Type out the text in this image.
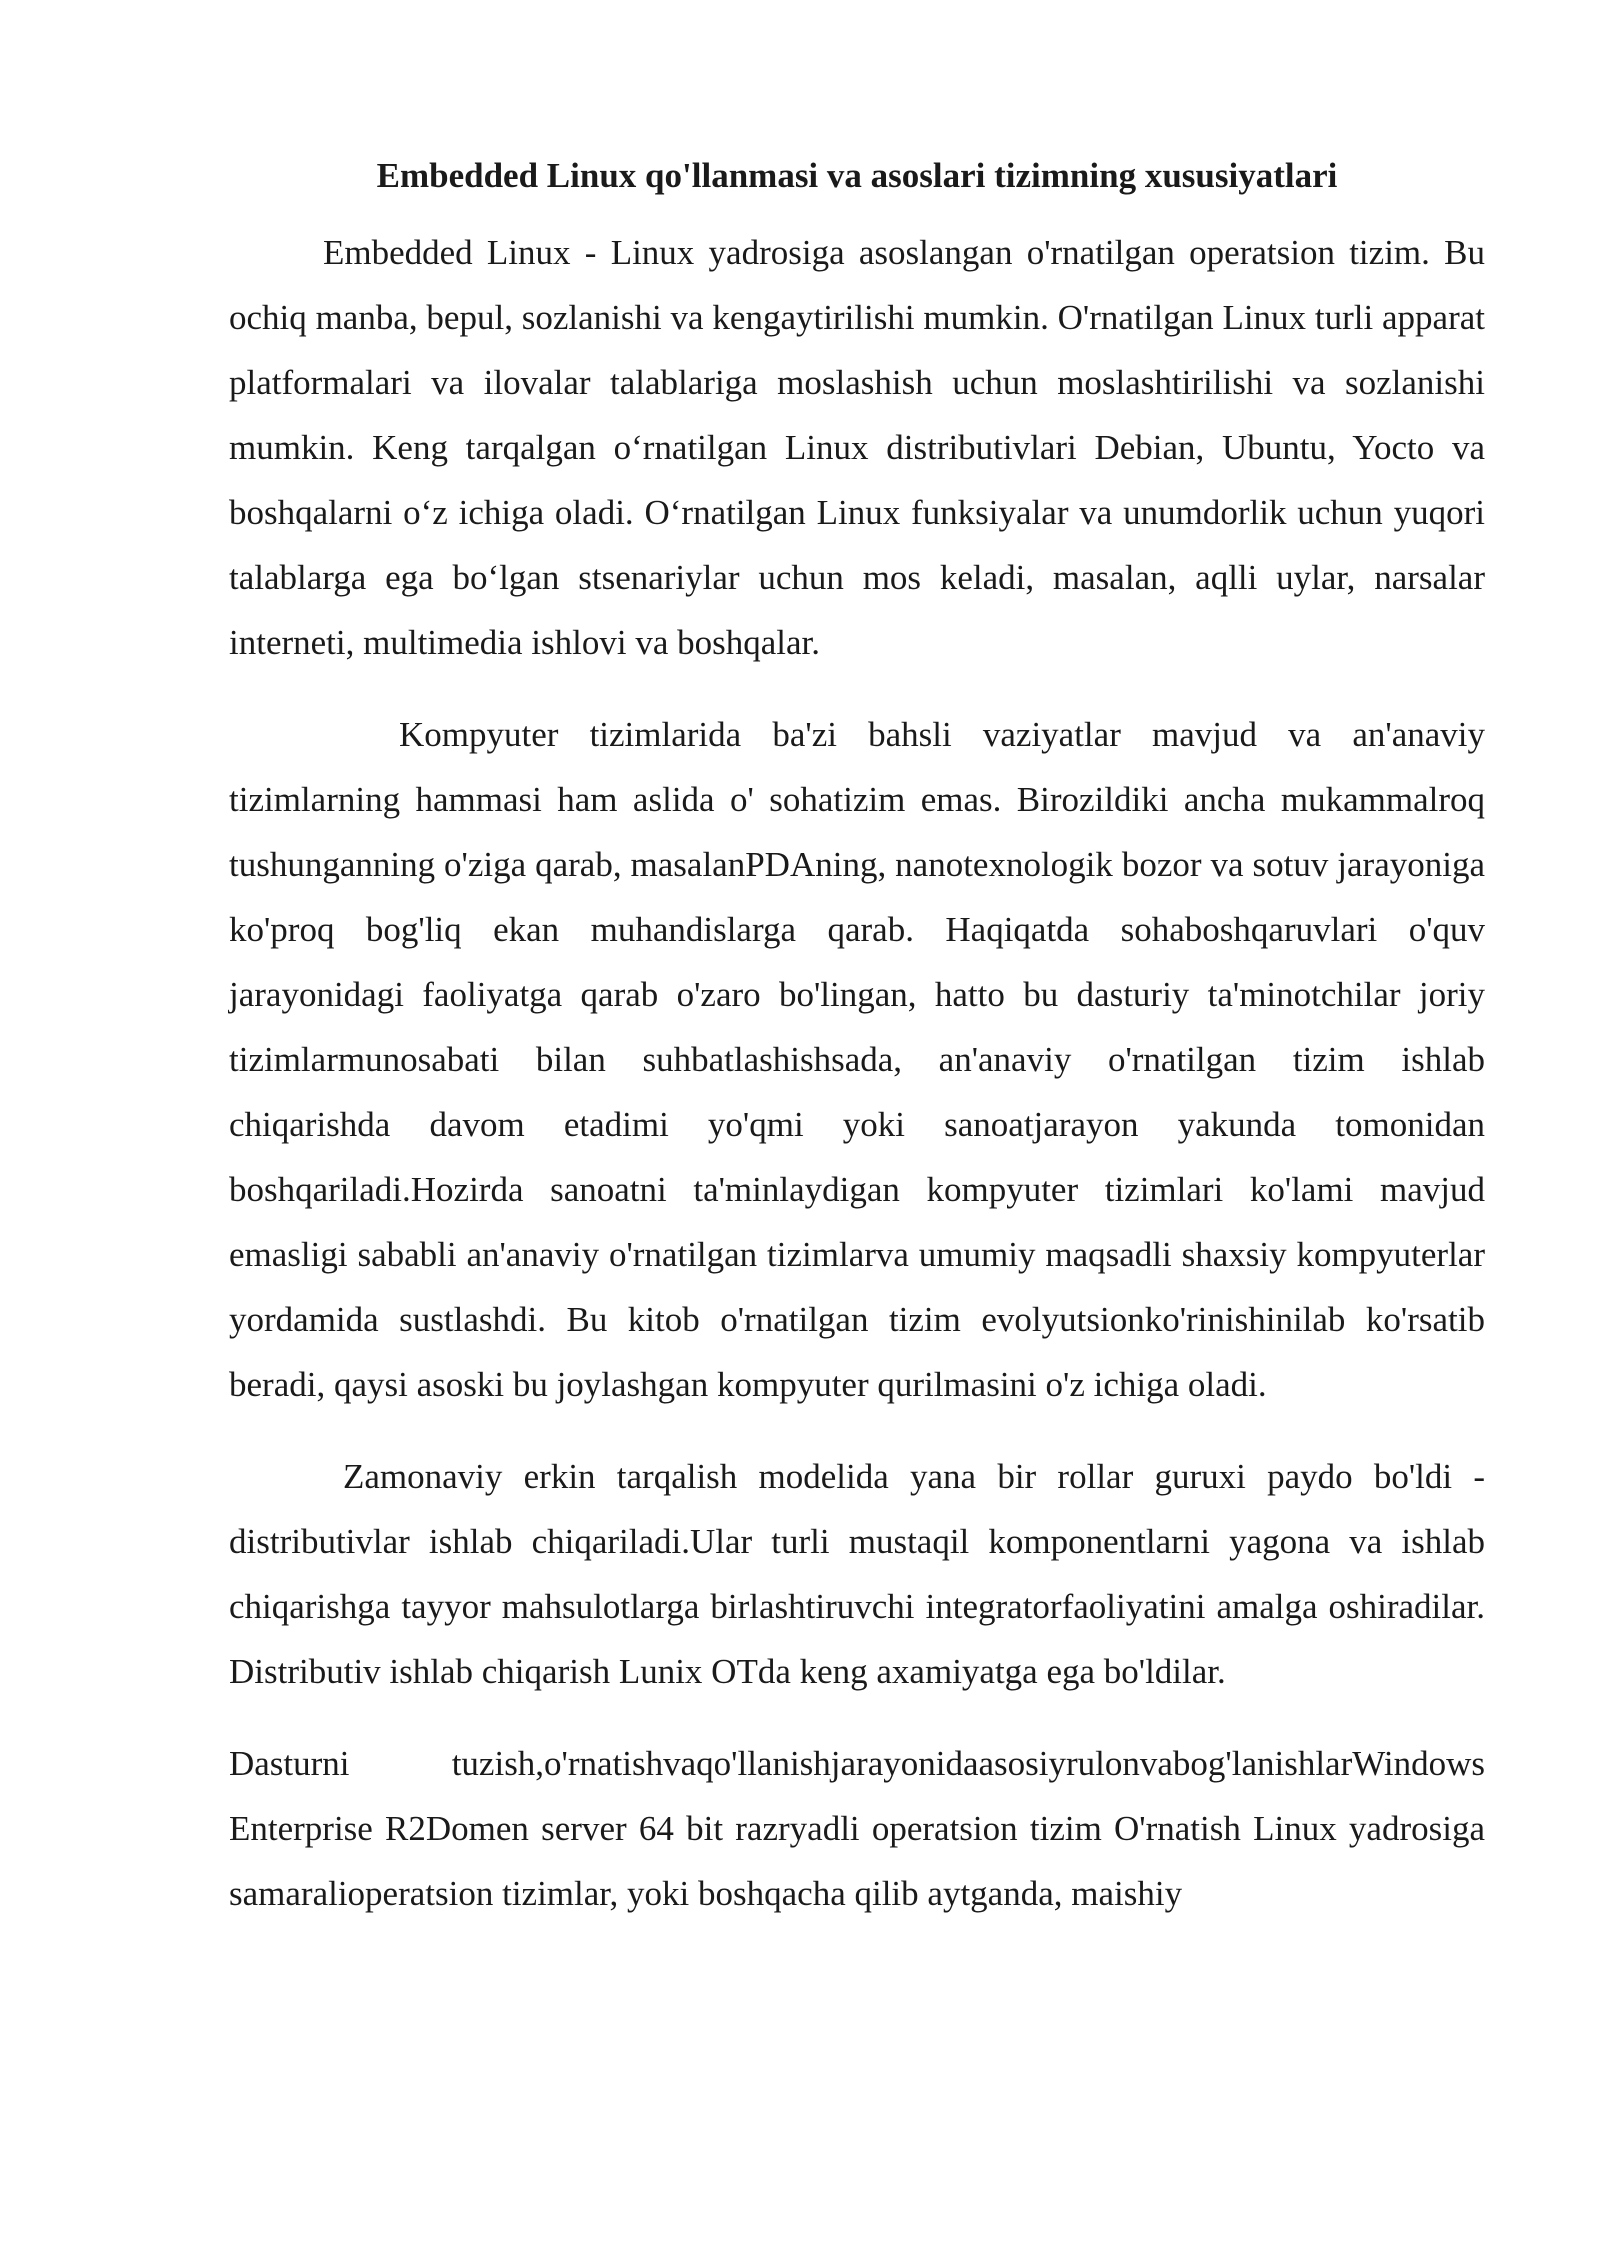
Embedded Linux qo'llanmasi va asoslari tizimning xususiyatlari

Embedded Linux - Linux yadrosiga asoslangan o'rnatilgan operatsion tizim. Bu ochiq manba, bepul, sozlanishi va kengaytirilishi mumkin. O'rnatilgan Linux turli apparat platformalari va ilovalar talablariga moslashish uchun moslashtirilishi va sozlanishi mumkin. Keng tarqalgan o‘rnatilgan Linux distributivlari Debian, Ubuntu, Yocto va boshqalarni o‘z ichiga oladi. O‘rnatilgan Linux funksiyalar va unumdorlik uchun yuqori talablarga ega bo‘lgan stsenariylar uchun mos keladi, masalan, aqlli uylar, narsalar interneti, multimedia ishlovi va boshqalar.

Kompyuter tizimlarida ba'zi bahsli vaziyatlar mavjud va an'anaviy tizimlarning hammasi ham aslida o' sohatizim emas. Birozildiki ancha mukammalroq tushunganning o'ziga qarab, masalanPDAning, nanotexnologik bozor va sotuv jarayoniga ko'proq bog'liq ekan muhandislarga qarab. Haqiqatda sohaboshqaruvlari o'quv jarayonidagi faoliyatga qarab o'zaro bo'lingan, hatto bu dasturiy ta'minotchilar joriy tizimlarmunosabati bilan suhbatlashishsada, an'anaviy o'rnatilgan tizim ishlab chiqarishda davom etadimi yo'qmi yoki sanoatjarayon yakunda tomonidan boshqariladi.Hozirda sanoatni ta'minlaydigan kompyuter tizimlari ko'lami mavjud emasligi sababli an'anaviy o'rnatilgan tizimlarva umumiy maqsadli shaxsiy kompyuterlar yordamida sustlashdi. Bu kitob o'rnatilgan tizim evolyutsionko'rinishinilab ko'rsatib beradi, qaysi asoski bu joylashgan kompyuter qurilmasini o'z ichiga oladi.

Zamonaviy erkin tarqalish modelida yana bir rollar guruxi paydo bo'ldi - distributivlar ishlab chiqariladi.Ular turli mustaqil komponentlarni yagona va ishlab chiqarishga tayyor mahsulotlarga birlashtiruvchi integratorfaoliyatini amalga oshiradilar. Distributiv ishlab chiqarish Lunix OTda keng axamiyatga ega bo'ldilar.

Dasturni tuzish,o'rnatishvaqo'llanishjarayonidaasosiyrulonvabog'lanishlarWindows Enterprise R2Domen server 64 bit razryadli operatsion tizim O'rnatish Linux yadrosiga samaralioperatsion tizimlar, yoki boshqacha qilib aytganda, maishiy
